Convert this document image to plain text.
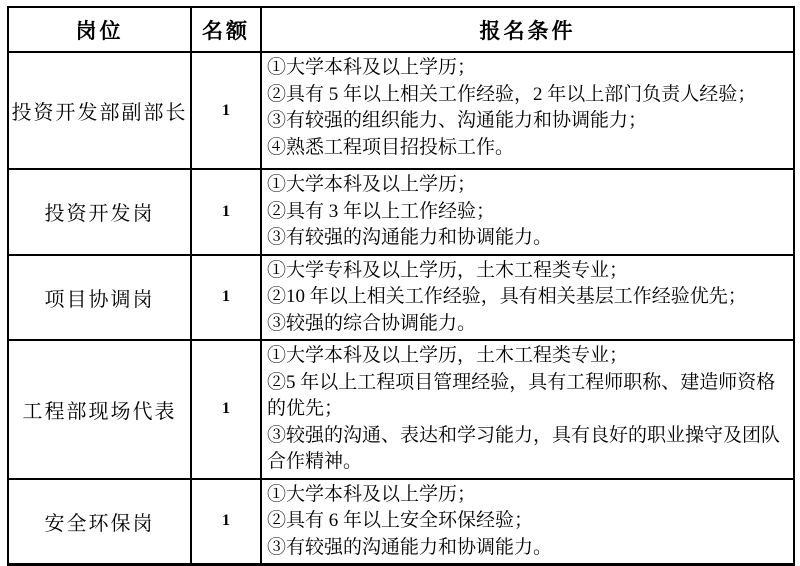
岗位	名额	报名条件
投资开发部副部长	1	①大学本科及以上学历；
②具有 5 年以上相关工作经验，2 年以上部门负责人经验；
③有较强的组织能力、沟通能力和协调能力；
④熟悉工程项目招投标工作。

投资开发岗	1	①大学本科及以上学历；
②具有 3 年以上工作经验；
③有较强的沟通能力和协调能力。

项目协调岗	1	①大学专科及以上学历，土木工程类专业；
②10 年以上相关工作经验，具有相关基层工作经验优先；
③较强的综合协调能力。

工程部现场代表	1	①大学本科及以上学历，土木工程类专业；
②5 年以上工程项目管理经验，具有工程师职称、建造师资格的优先；
③较强的沟通、表达和学习能力，具有良好的职业操守及团队合作精神。

安全环保岗	1	①大学本科及以上学历；
②具有 6 年以上安全环保经验；
③有较强的沟通能力和协调能力。
